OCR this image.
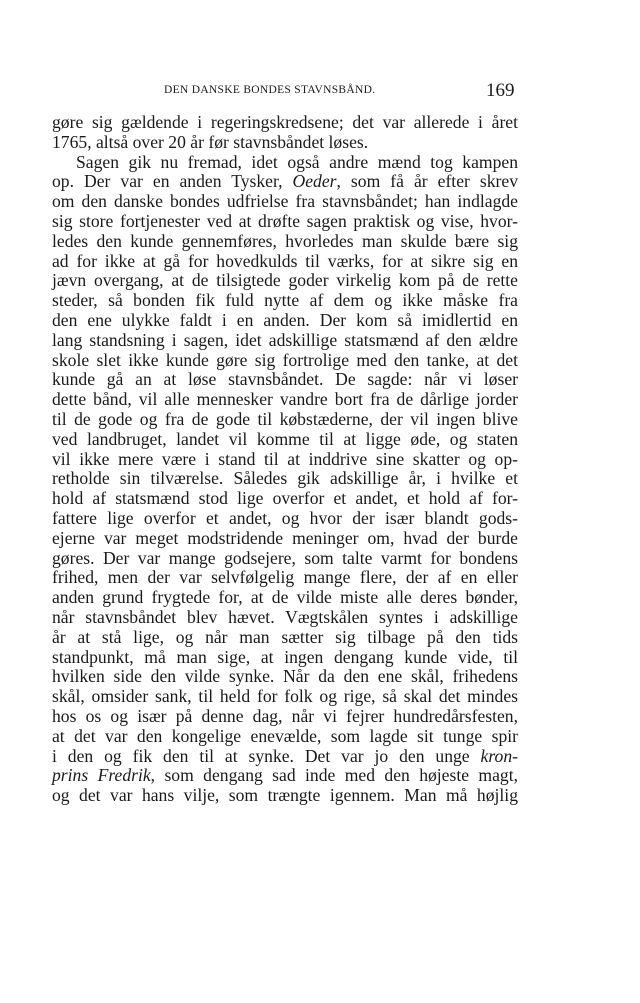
DEN DANSKE BONDES STAVNSBÅND.	169
gøre sig gældende i regeringskredsene; det var allerede i året
1765, altså over 20 år før stavnsbåndet løses.
Sagen gik nu fremad, idet også andre mænd tog kampen
op. Der var en anden Tysker, Oeder, som få år efter skrev
om den danske bondes udfrielse fra stavnsbåndet; han indlagde
sig store fortjenester ved at drøfte sagen praktisk og vise, hvor-
ledes den kunde gennemføres, hvorledes man skulde bære sig
ad for ikke at gå for hovedkulds til værks, for at sikre sig en
jævn overgang, at de tilsigtede goder virkelig kom på de rette
steder, så bonden fik fuld nytte af dem og ikke måske fra
den ene ulykke faldt i en anden. Der kom så imidlertid en
lang standsning i sagen, idet adskillige statsmænd af den ældre
skole slet ikke kunde gøre sig fortrolige med den tanke, at det
kunde gå an at løse stavnsbåndet. De sagde: når vi løser
dette bånd, vil alle mennesker vandre bort fra de dårlige jorder
til de gode og fra de gode til købstæderne, der vil ingen blive
ved landbruget, landet vil komme til at ligge øde, og staten
vil ikke mere være i stand til at inddrive sine skatter og op-
retholde sin tilværelse. Således gik adskillige år, i hvilke et
hold af statsmænd stod lige overfor et andet, et hold af for-
fattere lige overfor et andet, og hvor der især blandt gods-
ejerne var meget modstridende meninger om, hvad der burde
gøres. Der var mange godsejere, som talte varmt for bondens
frihed, men der var selvfølgelig mange flere, der af en eller
anden grund frygtede for, at de vilde miste alle deres bønder,
når stavnsbåndet blev hævet. Vægtskålen syntes i adskillige
år at stå lige, og når man sætter sig tilbage på den tids
standpunkt, må man sige, at ingen dengang kunde vide, til
hvilken side den vilde synke. Når da den ene skål, frihedens
skål, omsider sank, til held for folk og rige, så skal det mindes
hos os og især på denne dag, når vi fejrer hundredårsfesten,
at det var den kongelige enevælde, som lagde sit tunge spir
i den og fik den til at synke. Det var jo den unge kron-
prins Fredrik, som dengang sad inde med den højeste magt,
og det var hans vilje, som trængte igennem. Man må højlig
